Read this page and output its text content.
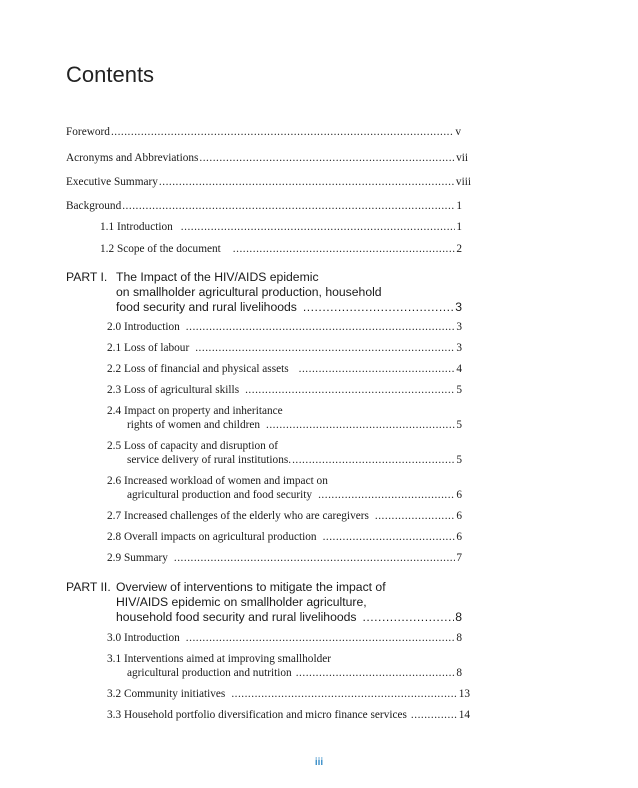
Contents
Foreword .....	v
Acronyms and Abbreviations .....	vii
Executive Summary .....	viii
Background .....	1
1.1 Introduction .....	1
1.2 Scope of the document .....	2
PART I. The Impact of the HIV/AIDS epidemic
on smallholder agricultural production, household
food security and rural livelihoods .....	3
2.0 Introduction .....	3
2.1 Loss of labour .....	3
2.2 Loss of financial and physical assets .....	4
2.3 Loss of agricultural skills .....	5
2.4 Impact on property and inheritance
rights of women and children .....	5
2.5 Loss of capacity and disruption of
service delivery of rural institutions. .....	5
2.6 Increased workload of women and impact on
agricultural production and food security .....	6
2.7 Increased challenges of the elderly who are caregivers .....	6
2.8 Overall impacts on agricultural production .....	6
2.9 Summary .....	7
PART II. Overview of interventions to mitigate the impact of
HIV/AIDS epidemic on smallholder agriculture,
household food security and rural livelihoods .....	8
3.0 Introduction .....	8
3.1 Interventions aimed at improving smallholder
agricultural production and nutrition .....	8
3.2 Community initiatives .....	13
3.3 Household portfolio diversification and micro finance services .....	14
iii
